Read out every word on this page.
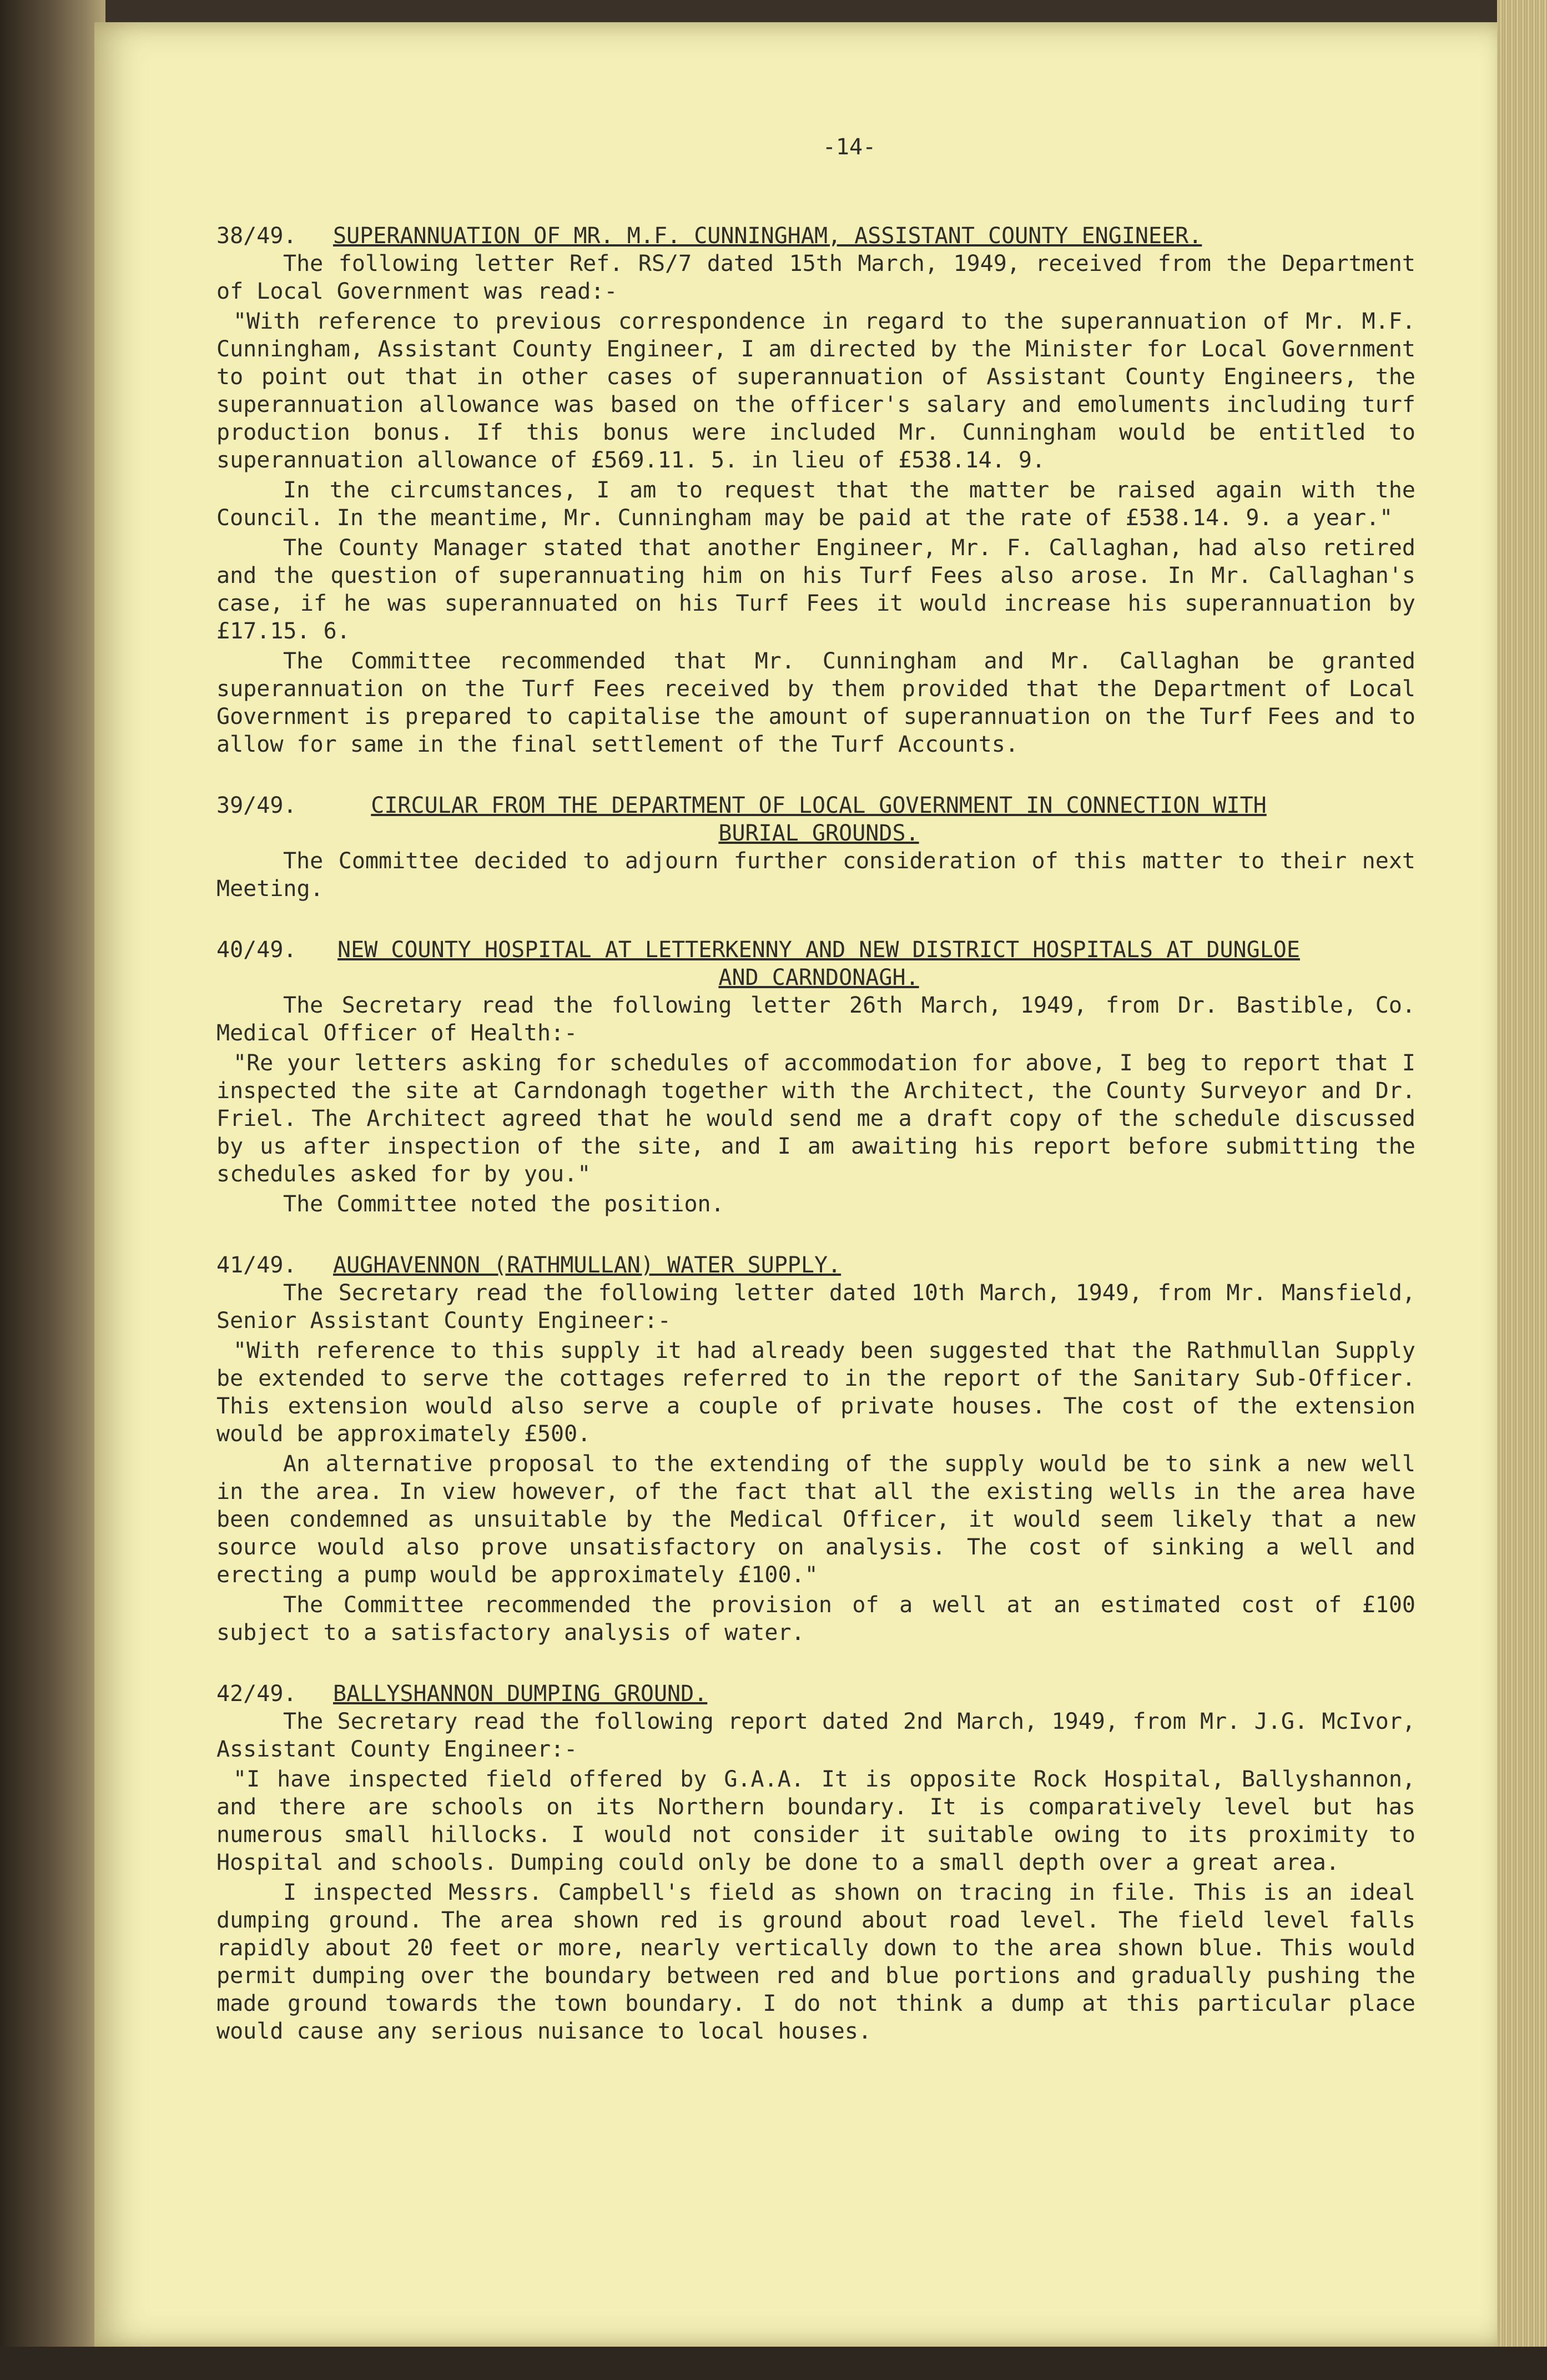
-14-
38/49.	SUPERANNUATION OF MR. M.F. CUNNINGHAM, ASSISTANT COUNTY ENGINEER.

The following letter Ref. RS/7 dated 15th March, 1949, received from the Department of Local Government was read:-

"With reference to previous correspondence in regard to the superannuation of Mr. M.F. Cunningham, Assistant County Engineer, I am directed by the Minister for Local Government to point out that in other cases of superannuation of Assistant County Engineers, the superannuation allowance was based on the officer's salary and emoluments including turf production bonus. If this bonus were included Mr. Cunningham would be entitled to superannuation allowance of £569.11. 5. in lieu of £538.14. 9.

In the circumstances, I am to request that the matter be raised again with the Council. In the meantime, Mr. Cunningham may be paid at the rate of £538.14. 9. a year."

The County Manager stated that another Engineer, Mr. F. Callaghan, had also retired and the question of superannuating him on his Turf Fees also arose. In Mr. Callaghan's case, if he was superannuated on his Turf Fees it would increase his superannuation by £17.15. 6.

The Committee recommended that Mr. Cunningham and Mr. Callaghan be granted superannuation on the Turf Fees received by them provided that the Department of Local Government is prepared to capitalise the amount of superannuation on the Turf Fees and to allow for same in the final settlement of the Turf Accounts.

39/49.	CIRCULAR FROM THE DEPARTMENT OF LOCAL GOVERNMENT IN CONNECTION WITH BURIAL GROUNDS.

The Committee decided to adjourn further consideration of this matter to their next Meeting.

40/49.	NEW COUNTY HOSPITAL AT LETTERKENNY AND NEW DISTRICT HOSPITALS AT DUNGLOE AND CARNDONAGH.

The Secretary read the following letter 26th March, 1949, from Dr. Bastible, Co. Medical Officer of Health:-

"Re your letters asking for schedules of accommodation for above, I beg to report that I inspected the site at Carndonagh together with the Architect, the County Surveyor and Dr. Friel. The Architect agreed that he would send me a draft copy of the schedule discussed by us after inspection of the site, and I am awaiting his report before submitting the schedules asked for by you."

The Committee noted the position.

41/49.	AUGHAVENNON (RATHMULLAN) WATER SUPPLY.

The Secretary read the following letter dated 10th March, 1949, from Mr. Mansfield, Senior Assistant County Engineer:-

"With reference to this supply it had already been suggested that the Rathmullan Supply be extended to serve the cottages referred to in the report of the Sanitary Sub-Officer. This extension would also serve a couple of private houses. The cost of the extension would be approximately £500.

An alternative proposal to the extending of the supply would be to sink a new well in the area. In view however, of the fact that all the existing wells in the area have been condemned as unsuitable by the Medical Officer, it would seem likely that a new source would also prove unsatisfactory on analysis. The cost of sinking a well and erecting a pump would be approximately £100."

The Committee recommended the provision of a well at an estimated cost of £100 subject to a satisfactory analysis of water.

42/49.	BALLYSHANNON DUMPING GROUND.

The Secretary read the following report dated 2nd March, 1949, from Mr. J.G. McIvor, Assistant County Engineer:-

"I have inspected field offered by G.A.A. It is opposite Rock Hospital, Ballyshannon, and there are schools on its Northern boundary. It is comparatively level but has numerous small hillocks. I would not consider it suitable owing to its proximity to Hospital and schools. Dumping could only be done to a small depth over a great area.

I inspected Messrs. Campbell's field as shown on tracing in file. This is an ideal dumping ground. The area shown red is ground about road level. The field level falls rapidly about 20 feet or more, nearly vertically down to the area shown blue. This would permit dumping over the boundary between red and blue portions and gradually pushing the made ground towards the town boundary. I do not think a dump at this particular place would cause any serious nuisance to local houses.
